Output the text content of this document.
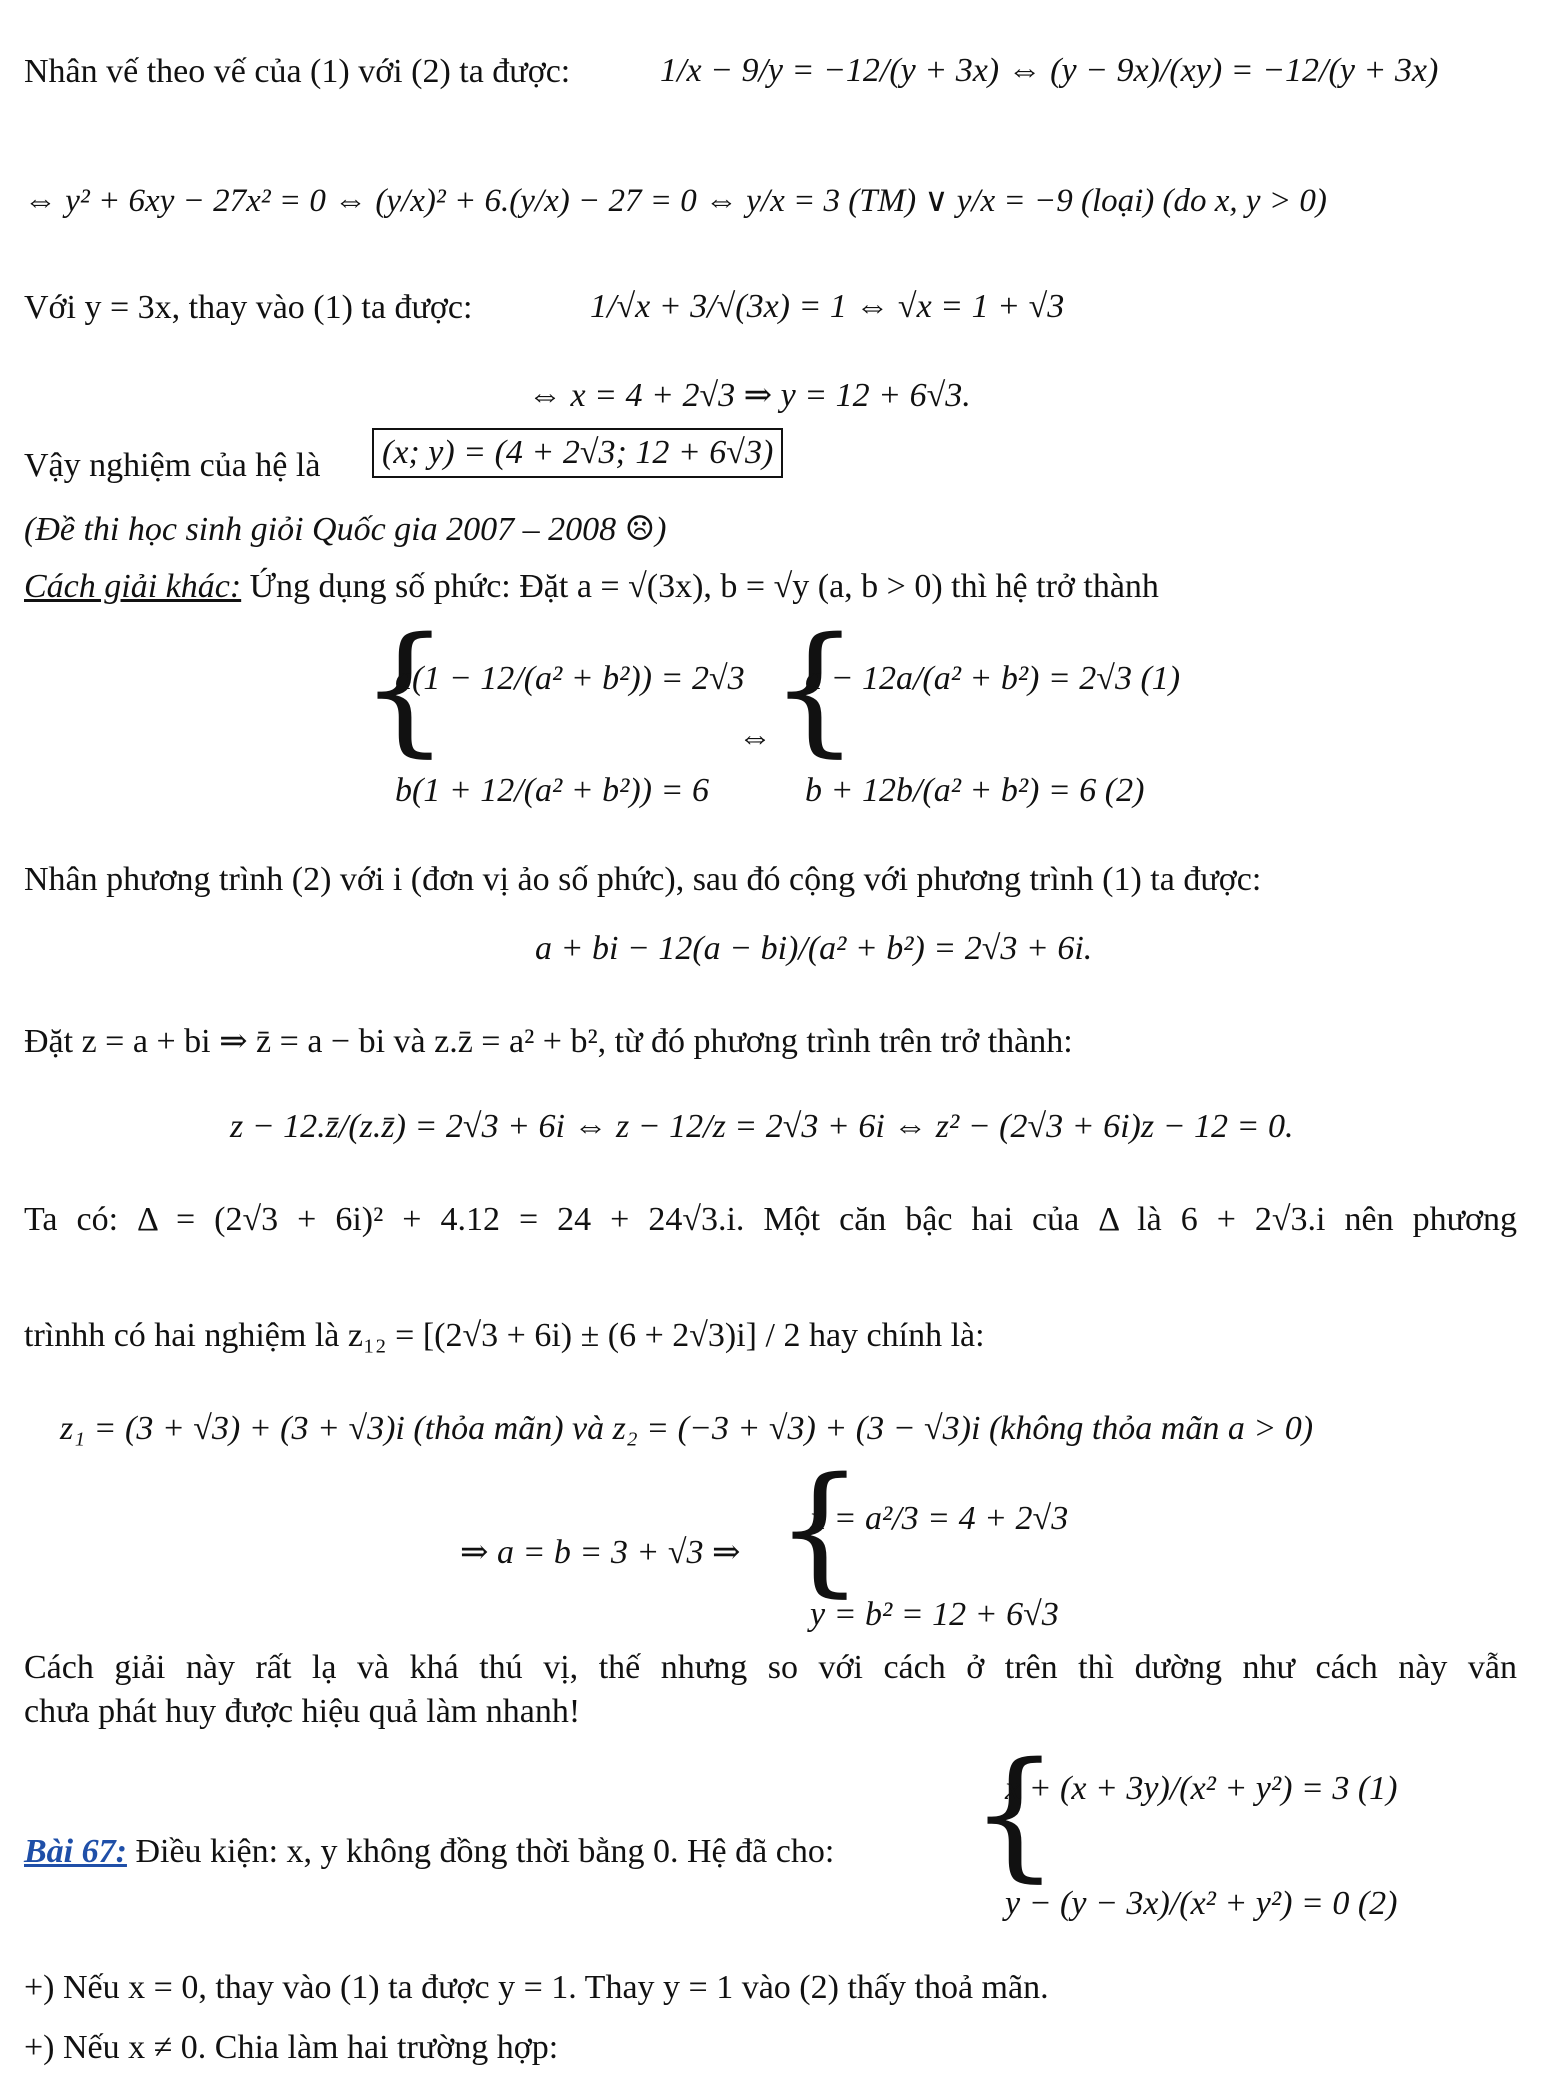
Nhân vế theo vế của (1) với (2) ta được:	1/x − 9/y = −12/(y + 3x) ⇔ (y − 9x)/(xy) = −12/(y + 3x)
⇔ y² + 6xy − 27x² = 0 ⇔ (y/x)² + 6.(y/x) − 27 = 0 ⇔ y/x = 3 (TM) ∨ y/x = −9 (loại) (do x, y > 0)
Với y = 3x, thay vào (1) ta được:	1/√x + 3/√(3x) = 1 ⇔ √x = 1 + √3
⇔ x = 4 + 2√3 ⇒ y = 12 + 6√3.
Vậy nghiệm của hệ là (x; y) = (4 + 2√3; 12 + 6√3)
(Đề thi học sinh giỏi Quốc gia 2007 – 2008 ☹)
Cách giải khác: Ứng dụng số phức: Đặt a = √(3x), b = √y (a, b > 0) thì hệ trở thành
{
a(1 − 12/(a² + b²)) = 2√3
b(1 + 12/(a² + b²)) = 6
⇔
{
a − 12a/(a² + b²) = 2√3 (1)
b + 12b/(a² + b²) = 6 (2)
Nhân phương trình (2) với i (đơn vị ảo số phức), sau đó cộng với phương trình (1) ta được:
a + bi − 12(a − bi)/(a² + b²) = 2√3 + 6i.
Đặt z = a + bi ⇒ z̄ = a − bi và z.z̄ = a² + b², từ đó phương trình trên trở thành:
z − 12.z̄/(z.z̄) = 2√3 + 6i ⇔ z − 12/z = 2√3 + 6i ⇔ z² − (2√3 + 6i)z − 12 = 0.
Ta có: Δ = (2√3 + 6i)² + 4.12 = 24 + 24√3.i. Một căn bậc hai của Δ là 6 + 2√3.i nên phương
trìnhh có hai nghiệm là z₁₂ = [(2√3 + 6i) ± (6 + 2√3)i] / 2 hay chính là:
z₁ = (3 + √3) + (3 + √3)i (thỏa mãn) và z₂ = (−3 + √3) + (3 − √3)i (không thỏa mãn a > 0)
⇒ a = b = 3 + √3 ⇒ {
x = a²/3 = 4 + 2√3
y = b² = 12 + 6√3
Cách giải này rất lạ và khá thú vị, thế nhưng so với cách ở trên thì dường như cách này vẫn
chưa phát huy được hiệu quả làm nhanh!
Bài 67: Điều kiện: x, y không đồng thời bằng 0. Hệ đã cho: {
x + (x + 3y)/(x² + y²) = 3 (1)
y − (y − 3x)/(x² + y²) = 0 (2)
+) Nếu x = 0, thay vào (1) ta được y = 1. Thay y = 1 vào (2) thấy thoả mãn.
+) Nếu x ≠ 0. Chia làm hai trường hợp:
